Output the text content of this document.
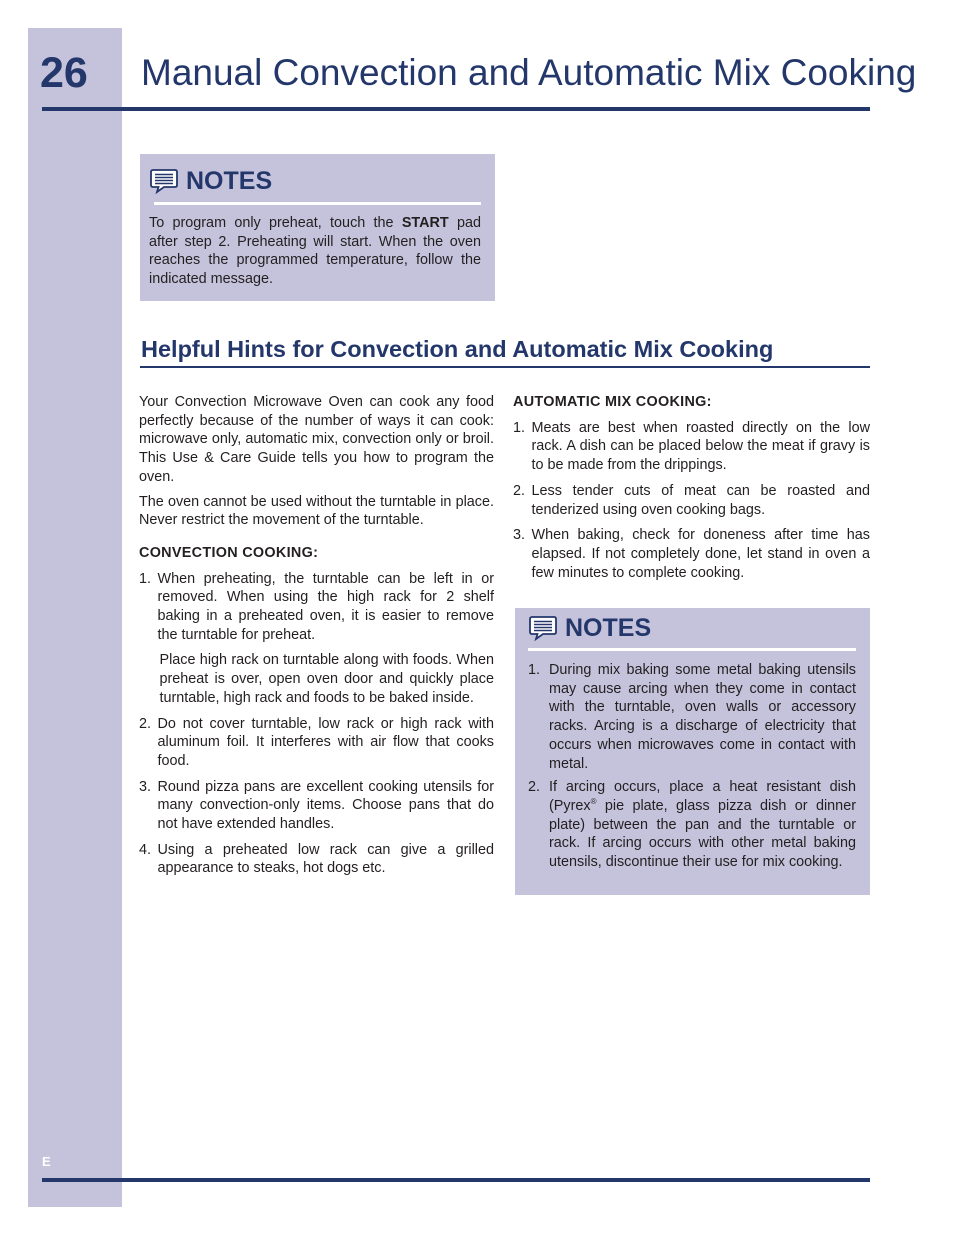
26 Manual Convection and Automatic Mix Cooking
NOTES
To program only preheat, touch the START pad after step 2. Preheating will start. When the oven reaches the programmed temperature, follow the indicated message.
Helpful Hints for Convection and Automatic Mix Cooking

Your Convection Microwave Oven can cook any food perfectly because of the number of ways it can cook: microwave only, automatic mix, convection only or broil. This Use & Care Guide tells you how to program the oven.

The oven cannot be used without the turntable in place. Never restrict the movement of the turntable.

CONVECTION COOKING:
1. When preheating, the turntable can be left in or removed. When using the high rack for 2 shelf baking in a preheated oven, it is easier to remove the turntable for preheat.
Place high rack on turntable along with foods. When preheat is over, open oven door and quickly place turntable, high rack and foods to be baked inside.
2. Do not cover turntable, low rack or high rack with aluminum foil. It interferes with air flow that cooks food.
3. Round pizza pans are excellent cooking utensils for many convection-only items. Choose pans that do not have extended handles.
4. Using a preheated low rack can give a grilled appearance to steaks, hot dogs etc.
AUTOMATIC MIX COOKING:
1. Meats are best when roasted directly on the low rack. A dish can be placed below the meat if gravy is to be made from the drippings.
2. Less tender cuts of meat can be roasted and tenderized using oven cooking bags.
3. When baking, check for doneness after time has elapsed. If not completely done, let stand in oven a few minutes to complete cooking.
NOTES
1. During mix baking some metal baking utensils may cause arcing when they come in contact with the turntable, oven walls or accessory racks. Arcing is a discharge of electricity that occurs when microwaves come in contact with metal.
2. If arcing occurs, place a heat resistant dish (Pyrex® pie plate, glass pizza dish or dinner plate) between the pan and the turntable or rack. If arcing occurs with other metal baking utensils, discontinue their use for mix cooking.
E
